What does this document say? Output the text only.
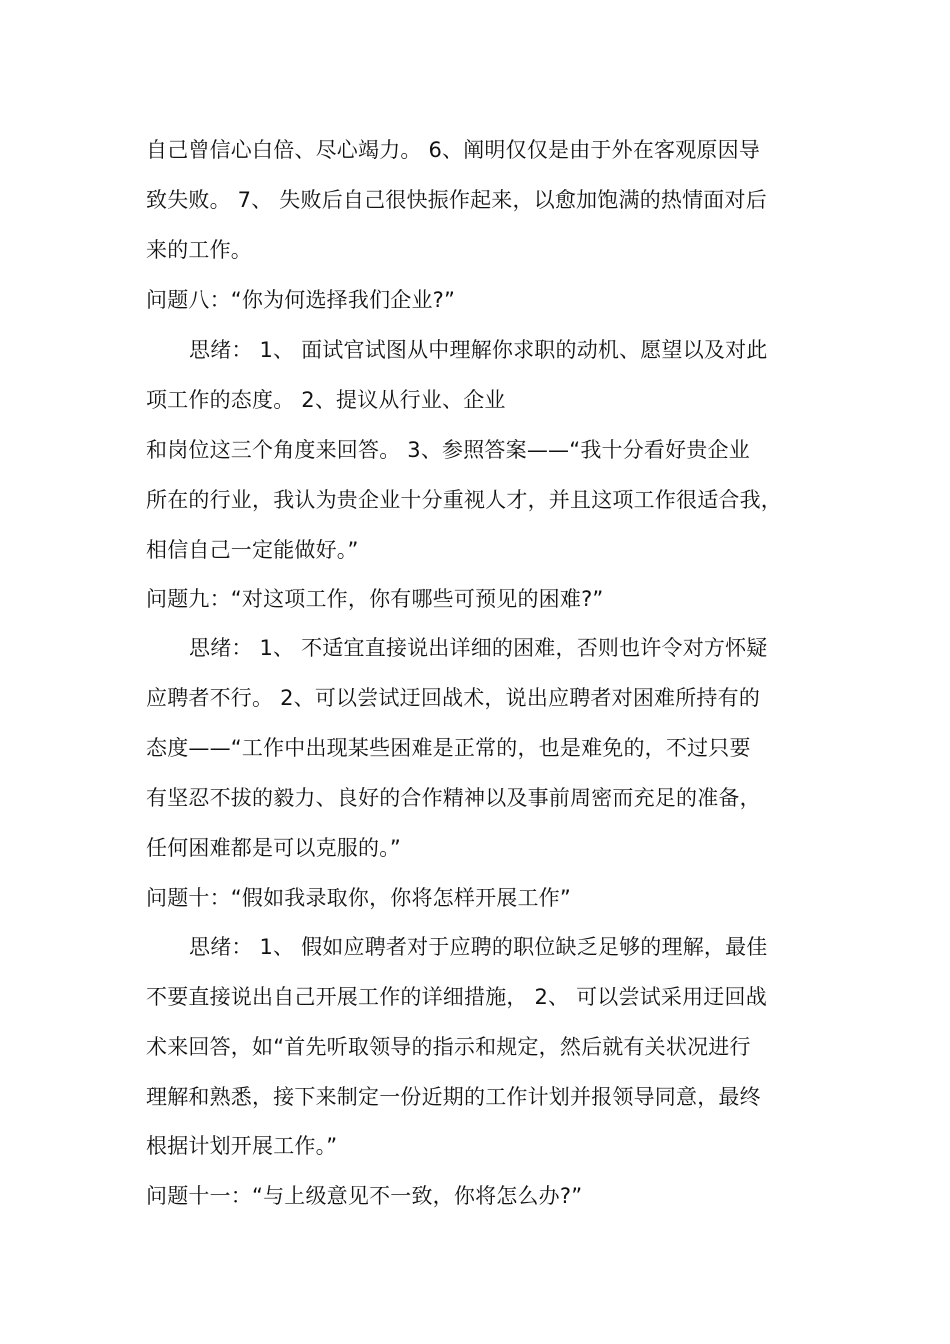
自己曾信心白倍、尽心竭力。 6、阐明仅仅是由于外在客观原因导
致失败。 7、 失败后自己很快振作起来，以愈加饱满的热情面对后
来的工作。
问题八：“你为何选择我们企业?”
思绪： 1、 面试官试图从中理解你求职的动机、愿望以及对此
项工作的态度。 2、提议从行业、企业
和岗位这三个角度来回答。 3、参照答案——“我十分看好贵企业
所在的行业，我认为贵企业十分重视人才，并且这项工作很适合我，
相信自己一定能做好。”
问题九：“对这项工作，你有哪些可预见的困难?”
思绪： 1、 不适宜直接说出详细的困难，否则也许令对方怀疑
应聘者不行。 2、可以尝试迂回战术，说出应聘者对困难所持有的
态度——“工作中出现某些困难是正常的，也是难免的，不过只要
有坚忍不拔的毅力、良好的合作精神以及事前周密而充足的准备，
任何困难都是可以克服的。”
问题十：“假如我录取你，你将怎样开展工作”
思绪： 1、 假如应聘者对于应聘的职位缺乏足够的理解，最佳
不要直接说出自己开展工作的详细措施， 2、 可以尝试采用迂回战
术来回答，如“首先听取领导的指示和规定，然后就有关状况进行
理解和熟悉，接下来制定一份近期的工作计划并报领导同意，最终
根据计划开展工作。”
问题十一：“与上级意见不一致，你将怎么办?”
